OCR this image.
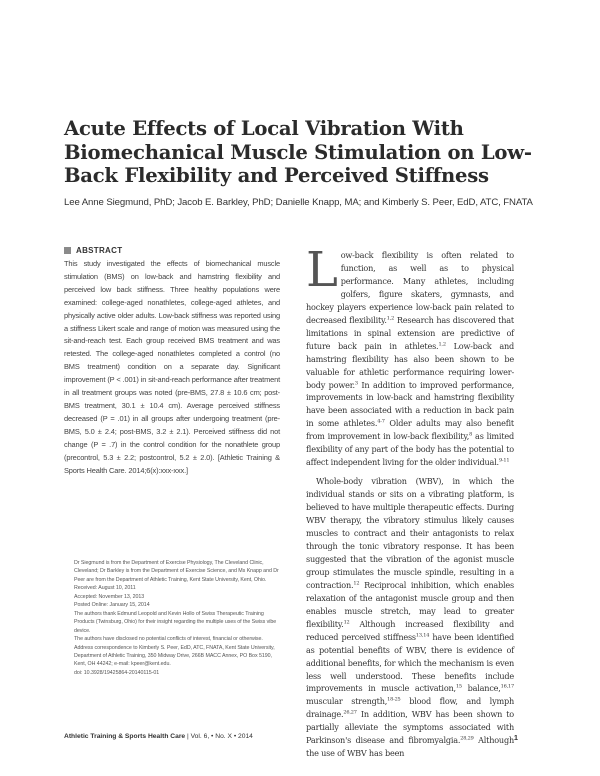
Acute Effects of Local Vibration With Biomechanical Muscle Stimulation on Low-Back Flexibility and Perceived Stiffness
Lee Anne Siegmund, PhD; Jacob E. Barkley, PhD; Danielle Knapp, MA; and Kimberly S. Peer, EdD, ATC, FNATA
ABSTRACT
This study investigated the effects of biomechanical muscle stimulation (BMS) on low-back and hamstring flexibility and perceived low back stiffness. Three healthy populations were examined: college-aged nonathletes, college-aged athletes, and physically active older adults. Low-back stiffness was reported using a stiffness Likert scale and range of motion was measured using the sit-and-reach test. Each group received BMS treatment and was retested. The college-aged nonathletes completed a control (no BMS treatment) condition on a separate day. Significant improvement (P < .001) in sit-and-reach performance after treatment in all treatment groups was noted (pre-BMS, 27.8 ± 10.6 cm; post-BMS treatment, 30.1 ± 10.4 cm). Average perceived stiffness decreased (P = .01) in all groups after undergoing treatment (pre-BMS, 5.0 ± 2.4; post-BMS, 3.2 ± 2.1). Perceived stiffness did not change (P = .7) in the control condition for the nonathlete group (precontrol, 5.3 ± 2.2; postcontrol, 5.2 ± 2.0). [Athletic Training & Sports Health Care. 2014;6(x):xxx-xxx.]

Low-back flexibility is often related to function, as well as to physical performance. Many athletes, including golfers, figure skaters, gymnasts, and hockey players experience low-back pain related to decreased flexibility.$^{1,2}$ Research has discovered that limitations in spinal extension are predictive of future back pain in athletes.$^{1,2}$ Low-back and hamstring flexibility has also been shown to be valuable for athletic performance requiring lower-body power.$^3$ In addition to improved performance, improvements in low-back and hamstring flexibility have been associated with a reduction in back pain in some athletes.$^{4-7}$ Older adults may also benefit from improvement in low-back flexibility,$^8$ as limited flexibility of any part of the body has the potential to affect independent living for the older individual.$^{9-11}$

Whole-body vibration (WBV), in which the individual stands or sits on a vibrating platform, is believed to have multiple therapeutic effects. During WBV therapy, the vibratory stimulus likely causes muscles to contract and their antagonists to relax through the tonic vibratory response. It has been suggested that the vibration of the agonist muscle group stimulates the muscle spindle, resulting in a contraction.$^{12}$ Reciprocal inhibition, which enables relaxation of the antagonist muscle group and then enables muscle stretch, may lead to greater flexibility.$^{12}$ Although increased flexibility and reduced perceived stiffness$^{13,14}$ have been identified as potential benefits of WBV, there is evidence of additional benefits, for which the mechanism is even less well understood. These benefits include improvements in muscle activation,$^{15}$ balance,$^{16,17}$ muscular strength,$^{18-25}$ blood flow, and lymph drainage.$^{26,27}$ In addition, WBV has been shown to partially alleviate the symptoms associated with Parkinson's disease and fibromyalgia.$^{28,29}$ Although the use of WBV has been

Dr Siegmund is from the Department of Exercise Physiology, The Cleveland Clinic, Cleveland; Dr Barkley is from the Department of Exercise Science, and Ms Knapp and Dr Peer are from the Department of Athletic Training, Kent State University, Kent, Ohio.

Received: August 10, 2011

Accepted: November 13, 2013

Posted Online: January 15, 2014

The authors thank Edmund Leopold and Kevin Hollo of Swiss Therapeutic Training Products (Twinsburg, Ohio) for their insight regarding the multiple uses of the Swiss vibe device.

The authors have disclosed no potential conflicts of interest, financial or otherwise.

Address correspondence to Kimberly S. Peer, EdD, ATC, FNATA, Kent State University, Department of Athletic Training, 350 Midway Drive, 266B MACC Annex, PO Box 5190, Kent, OH 44242; e-mail: kpeer@kent.edu.

doi: 10.3928/19425864-20140115-01

Athletic Training & Sports Health Care | Vol. 6, • No. X • 2014	1
